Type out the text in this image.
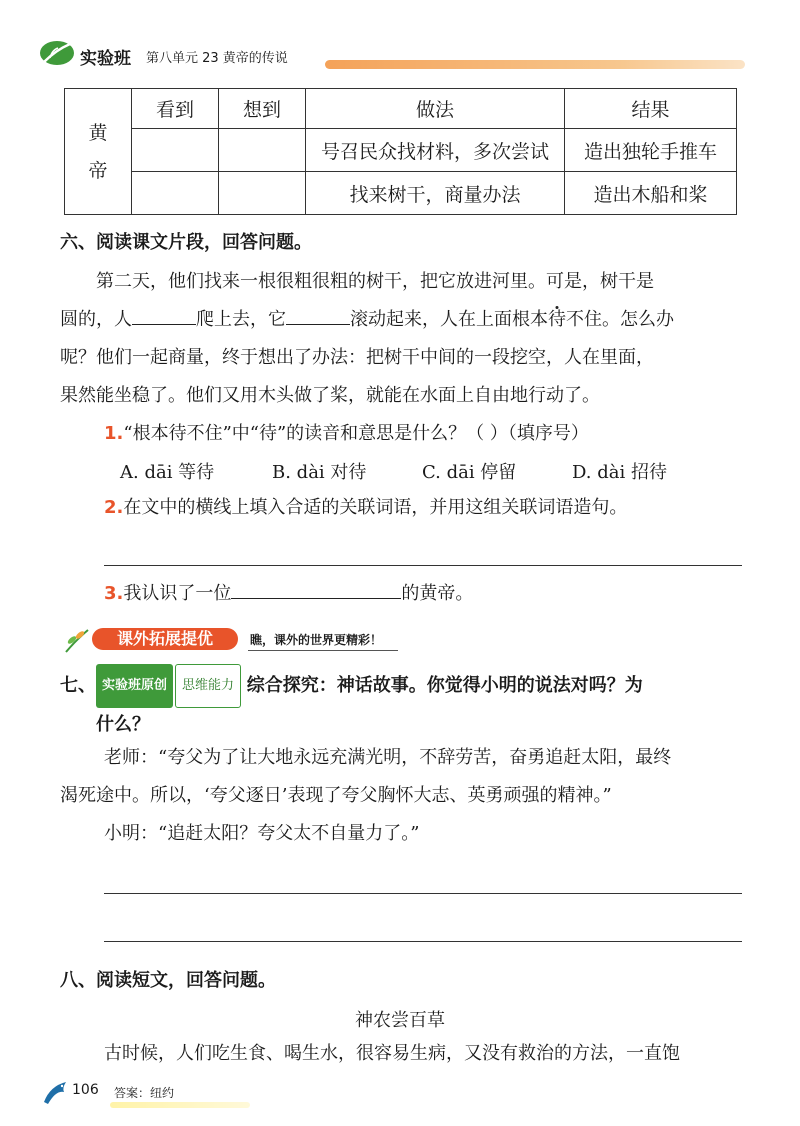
实验班 第八单元 23 黄帝的传说
黄
帝	看到	想到	做法	结果
			号召民众找材料，多次尝试	造出独轮手推车
			找来树干，商量办法	造出木船和桨
六、阅读课文片段，回答问题。
第二天，他们找来一根很粗很粗的树干，把它放进河里。可是，树干是
圆的，人	爬上去，它	滚动起来，人在上面根本待不住。怎么办
呢？他们一起商量，终于想出了办法：把树干中间的一段挖空，人在里面，
果然能坐稳了。他们又用木头做了桨，就能在水面上自由地行动了。
1.“根本待不住”中“待”的读音和意思是什么？（ ）（填序号）
A. dāi 等待	B. dài 对待	C. dāi 停留	D. dài 招待
2.在文中的横线上填入合适的关联词语，并用这组关联词语造句。
3.我认识了一位	的黄帝。
课外拓展提优	瞧，课外的世界更精彩！
七、 实验班原创 思维能力 综合探究：神话故事。你觉得小明的说法对吗？为
什么？
老师：“夸父为了让大地永远充满光明，不辞劳苦，奋勇追赶太阳，最终
渴死途中。所以，‘夸父逐日’表现了夸父胸怀大志、英勇顽强的精神。”
小明：“追赶太阳？夸父太不自量力了。”
八、阅读短文，回答问题。
神农尝百草
古时候，人们吃生食、喝生水，很容易生病，又没有救治的方法，一直饱
106 答案：纽约
